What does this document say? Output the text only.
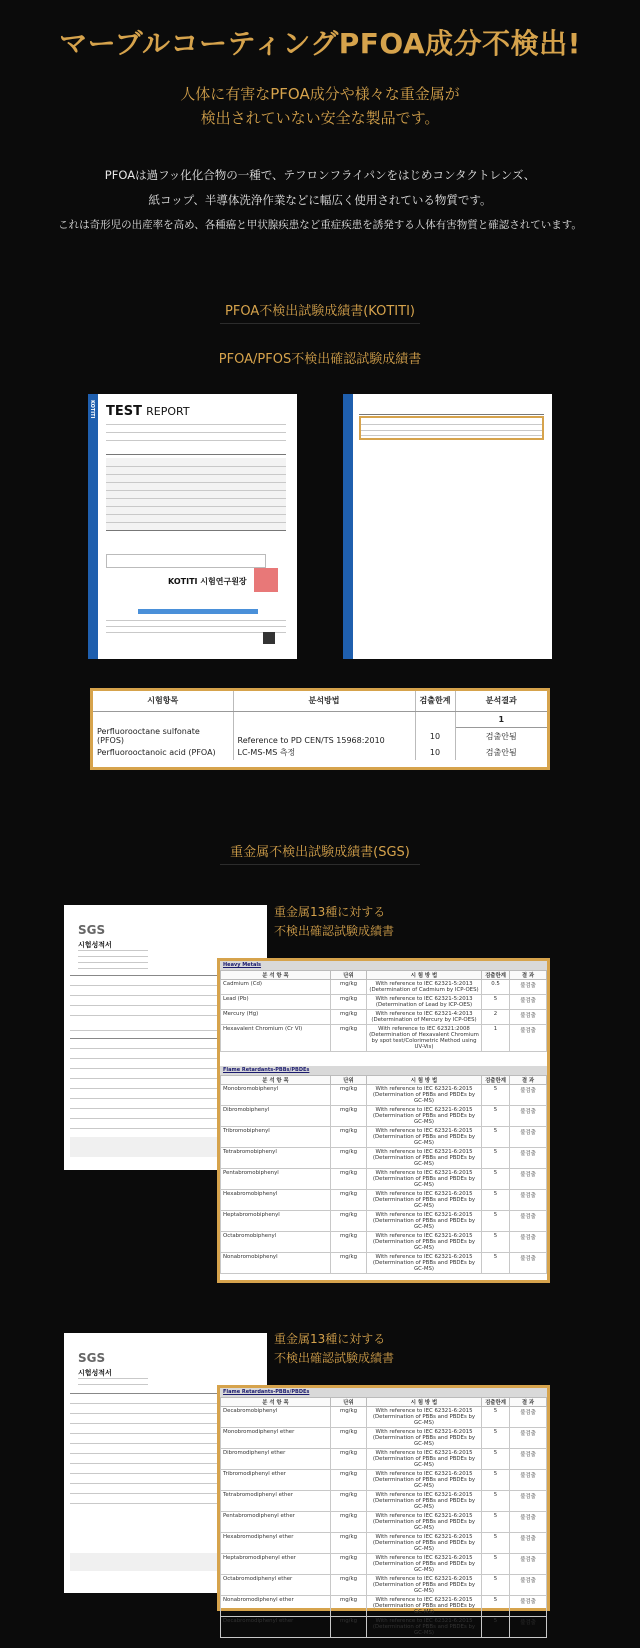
マーブルコーティングPFOA成分不検出!
人体に有害なPFOA成分や様々な重金属が
検出されていない安全な製品です。
PFOAは過フッ化化合物の一種で、テフロンフライパンをはじめコンタクトレンズ、
紙コップ、半導体洗浄作業などに幅広く使用されている物質です。
これは奇形児の出産率を高め、各種癌と甲状腺疾患など重症疾患を誘発する人体有害物質と確認されています。
PFOA不検出試験成績書(KOTITI)
PFOA/PFOS不検出確認試験成績書
KOTITI TEST REPORT
KOTITI 시험연구원장
시험항목	분석방법	검출한계	분석결과
			1
Perfluorooctane sulfonate (PFOS)	Reference to PD CEN/TS 15968:2010	10	검출안됨
Perfluorooctanoic acid (PFOA)	LC-MS-MS 측정	10	검출안됨
重金属不検出試験成績書(SGS)
SGS
시험성적서
重金属13種に対する
不検出確認試験成績書
Heavy Metals
분 석 항 목	단위	시 험 방 법	검출한계	결 과
Cadmium (Cd)	mg/kg	With reference to IEC 62321-5:2013 (Determination of Cadmium by ICP-OES)	0.5	불검출
Lead (Pb)	mg/kg	With reference to IEC 62321-5:2013 (Determination of Lead by ICP-OES)	5	불검출
Mercury (Hg)	mg/kg	With reference to IEC 62321-4:2013 (Determination of Mercury by ICP-OES)	2	불검출
Hexavalent Chromium (Cr VI)	mg/kg	With reference to IEC 62321:2008 (Determination of Hexavalent Chromium by spot test/Colorimetric Method using UV-Vis)	1	불검출
Flame Retardants-PBBs/PBDEs
분 석 항 목	단위	시 험 방 법	검출한계	결 과
Monobromobiphenyl	mg/kg	With reference to IEC 62321-6:2015 (Determination of PBBs and PBDEs by GC-MS)	5	불검출
Dibromobiphenyl	mg/kg	With reference to IEC 62321-6:2015 (Determination of PBBs and PBDEs by GC-MS)	5	불검출
Tribromobiphenyl	mg/kg	With reference to IEC 62321-6:2015 (Determination of PBBs and PBDEs by GC-MS)	5	불검출
Tetrabromobiphenyl	mg/kg	With reference to IEC 62321-6:2015 (Determination of PBBs and PBDEs by GC-MS)	5	불검출
Pentabromobiphenyl	mg/kg	With reference to IEC 62321-6:2015 (Determination of PBBs and PBDEs by GC-MS)	5	불검출
Hexabromobiphenyl	mg/kg	With reference to IEC 62321-6:2015 (Determination of PBBs and PBDEs by GC-MS)	5	불검출
Heptabromobiphenyl	mg/kg	With reference to IEC 62321-6:2015 (Determination of PBBs and PBDEs by GC-MS)	5	불검출
Octabromobiphenyl	mg/kg	With reference to IEC 62321-6:2015 (Determination of PBBs and PBDEs by GC-MS)	5	불검출
Nonabromobiphenyl	mg/kg	With reference to IEC 62321-6:2015 (Determination of PBBs and PBDEs by GC-MS)	5	불검출
SGS
시험성적서
重金属13種に対する
不検出確認試験成績書
Flame Retardants-PBBs/PBDEs
분 석 항 목	단위	시 험 방 법	검출한계	결 과
Decabromobiphenyl	mg/kg	With reference to IEC 62321-6:2015 (Determination of PBBs and PBDEs by GC-MS)	5	불검출
Monobromodiphenyl ether	mg/kg	With reference to IEC 62321-6:2015 (Determination of PBBs and PBDEs by GC-MS)	5	불검출
Dibromodiphenyl ether	mg/kg	With reference to IEC 62321-6:2015 (Determination of PBBs and PBDEs by GC-MS)	5	불검출
Tribromodiphenyl ether	mg/kg	With reference to IEC 62321-6:2015 (Determination of PBBs and PBDEs by GC-MS)	5	불검출
Tetrabromodiphenyl ether	mg/kg	With reference to IEC 62321-6:2015 (Determination of PBBs and PBDEs by GC-MS)	5	불검출
Pentabromodiphenyl ether	mg/kg	With reference to IEC 62321-6:2015 (Determination of PBBs and PBDEs by GC-MS)	5	불검출
Hexabromodiphenyl ether	mg/kg	With reference to IEC 62321-6:2015 (Determination of PBBs and PBDEs by GC-MS)	5	불검출
Heptabromodiphenyl ether	mg/kg	With reference to IEC 62321-6:2015 (Determination of PBBs and PBDEs by GC-MS)	5	불검출
Octabromodiphenyl ether	mg/kg	With reference to IEC 62321-6:2015 (Determination of PBBs and PBDEs by GC-MS)	5	불검출
Nonabromodiphenyl ether	mg/kg	With reference to IEC 62321-6:2015 (Determination of PBBs and PBDEs by GC-MS)	5	불검출
Decabromodiphenyl ether	mg/kg	With reference to IEC 62321-6:2015 (Determination of PBBs and PBDEs by GC-MS)	5	불검출
